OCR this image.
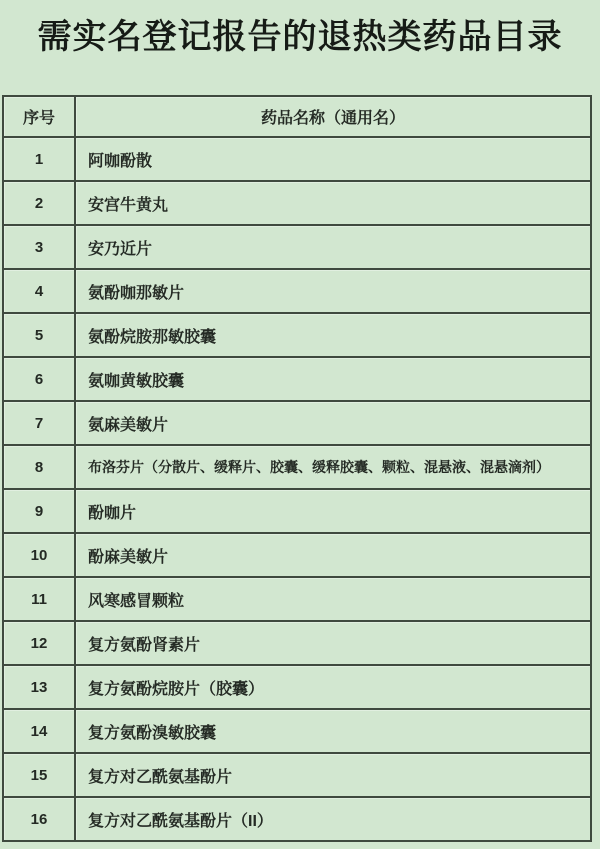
需实名登记报告的退热类药品目录
序号	药品名称（通用名）
1	阿咖酚散
2	安宫牛黄丸
3	安乃近片
4	氨酚咖那敏片
5	氨酚烷胺那敏胶囊
6	氨咖黄敏胶囊
7	氨麻美敏片
8	布洛芬片（分散片、缓释片、胶囊、缓释胶囊、颗粒、混悬液、混悬滴剂）
9	酚咖片
10	酚麻美敏片
11	风寒感冒颗粒
12	复方氨酚肾素片
13	复方氨酚烷胺片（胶囊）
14	复方氨酚溴敏胶囊
15	复方对乙酰氨基酚片
16	复方对乙酰氨基酚片（II）
